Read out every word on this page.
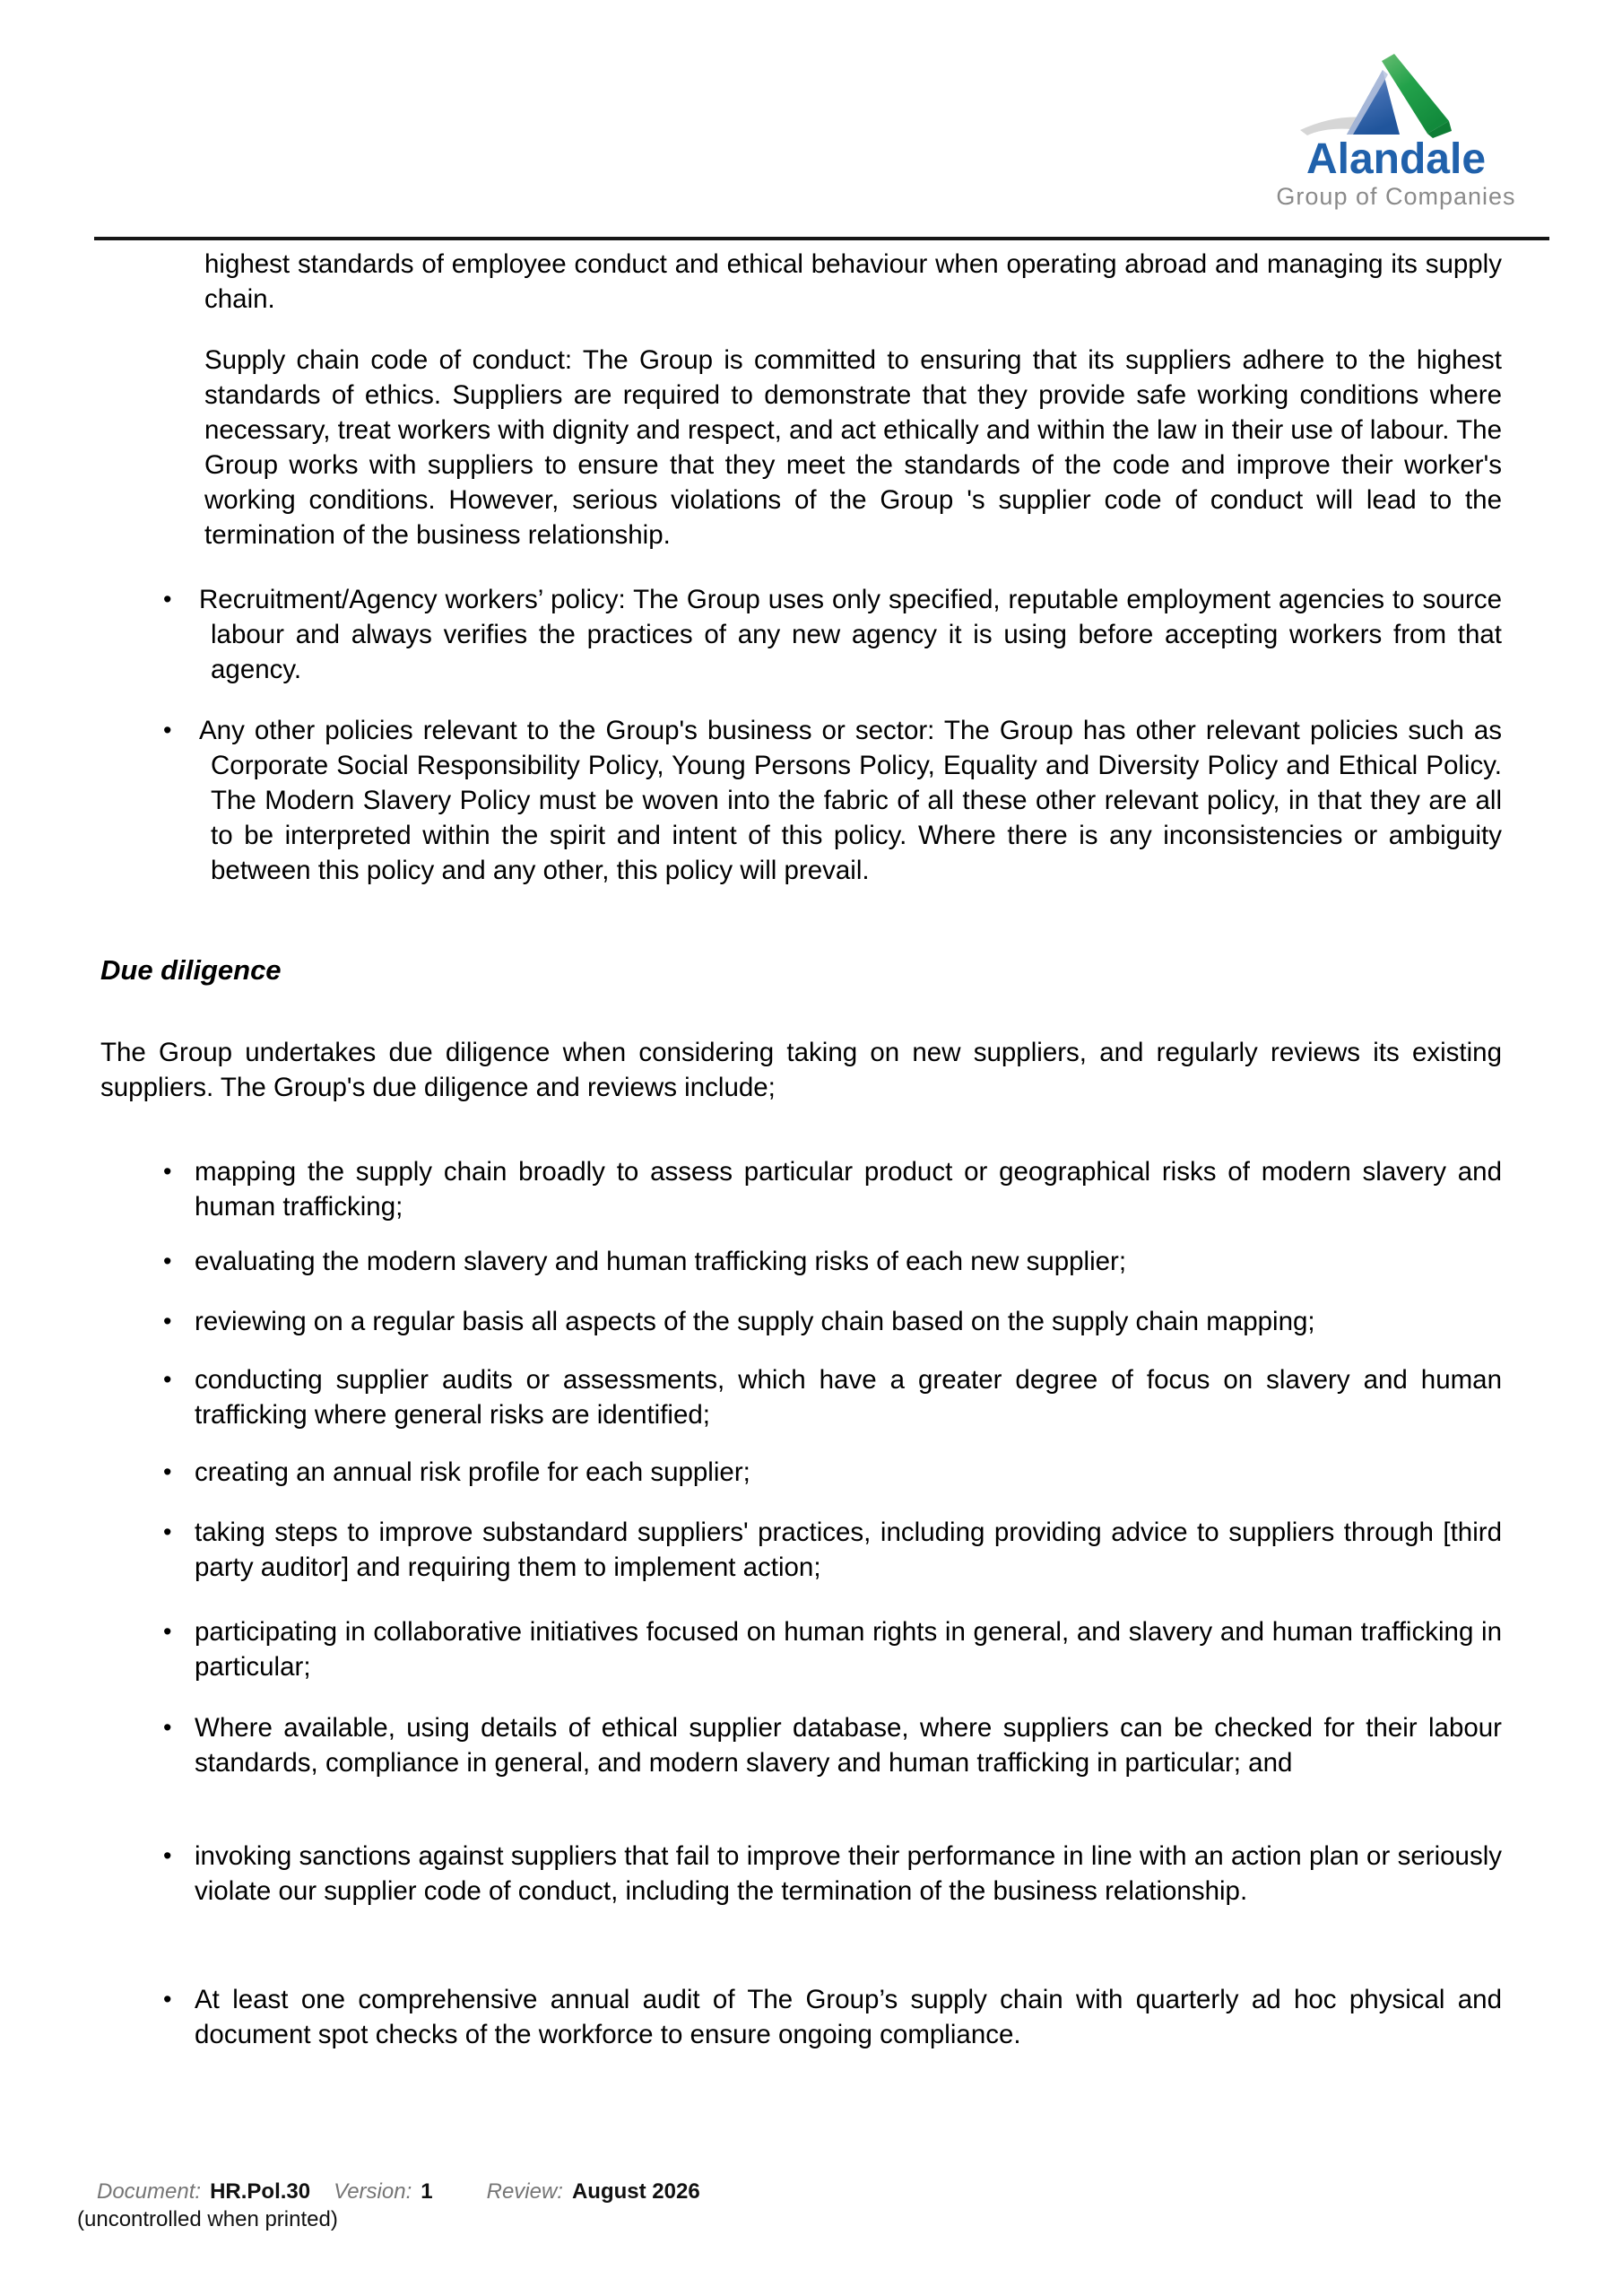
Alandale
Group of Companies

highest standards of employee conduct and ethical behaviour when operating abroad and managing its supply chain.

Supply chain code of conduct: The Group is committed to ensuring that its suppliers adhere to the highest standards of ethics. Suppliers are required to demonstrate that they provide safe working conditions where necessary, treat workers with dignity and respect, and act ethically and within the law in their use of labour. The Group works with suppliers to ensure that they meet the standards of the code and improve their worker's working conditions. However, serious violations of the Group 's supplier code of conduct will lead to the termination of the business relationship.

• Recruitment/Agency workers’ policy: The Group uses only specified, reputable employment agencies to source labour and always verifies the practices of any new agency it is using before accepting workers from that agency.
• Any other policies relevant to the Group's business or sector: The Group has other relevant policies such as Corporate Social Responsibility Policy, Young Persons Policy, Equality and Diversity Policy and Ethical Policy. The Modern Slavery Policy must be woven into the fabric of all these other relevant policy, in that they are all to be interpreted within the spirit and intent of this policy. Where there is any inconsistencies or ambiguity between this policy and any other, this policy will prevail.
Due diligence

The Group undertakes due diligence when considering taking on new suppliers, and regularly reviews its existing suppliers. The Group's due diligence and reviews include;

• mapping the supply chain broadly to assess particular product or geographical risks of modern slavery and human trafficking;
• evaluating the modern slavery and human trafficking risks of each new supplier;
• reviewing on a regular basis all aspects of the supply chain based on the supply chain mapping;
• conducting supplier audits or assessments, which have a greater degree of focus on slavery and human trafficking where general risks are identified;
• creating an annual risk profile for each supplier;
• taking steps to improve substandard suppliers' practices, including providing advice to suppliers through [third party auditor] and requiring them to implement action;
• participating in collaborative initiatives focused on human rights in general, and slavery and human trafficking in particular;
• Where available, using details of ethical supplier database, where suppliers can be checked for their labour standards, compliance in general, and modern slavery and human trafficking in particular; and
• invoking sanctions against suppliers that fail to improve their performance in line with an action plan or seriously violate our supplier code of conduct, including the termination of the business relationship.
• At least one comprehensive annual audit of The Group’s supply chain with quarterly ad hoc physical and document spot checks of the workforce to ensure ongoing compliance.
Document: HR.Pol.30 Version: 1	Review: August 2026
(uncontrolled when printed)
